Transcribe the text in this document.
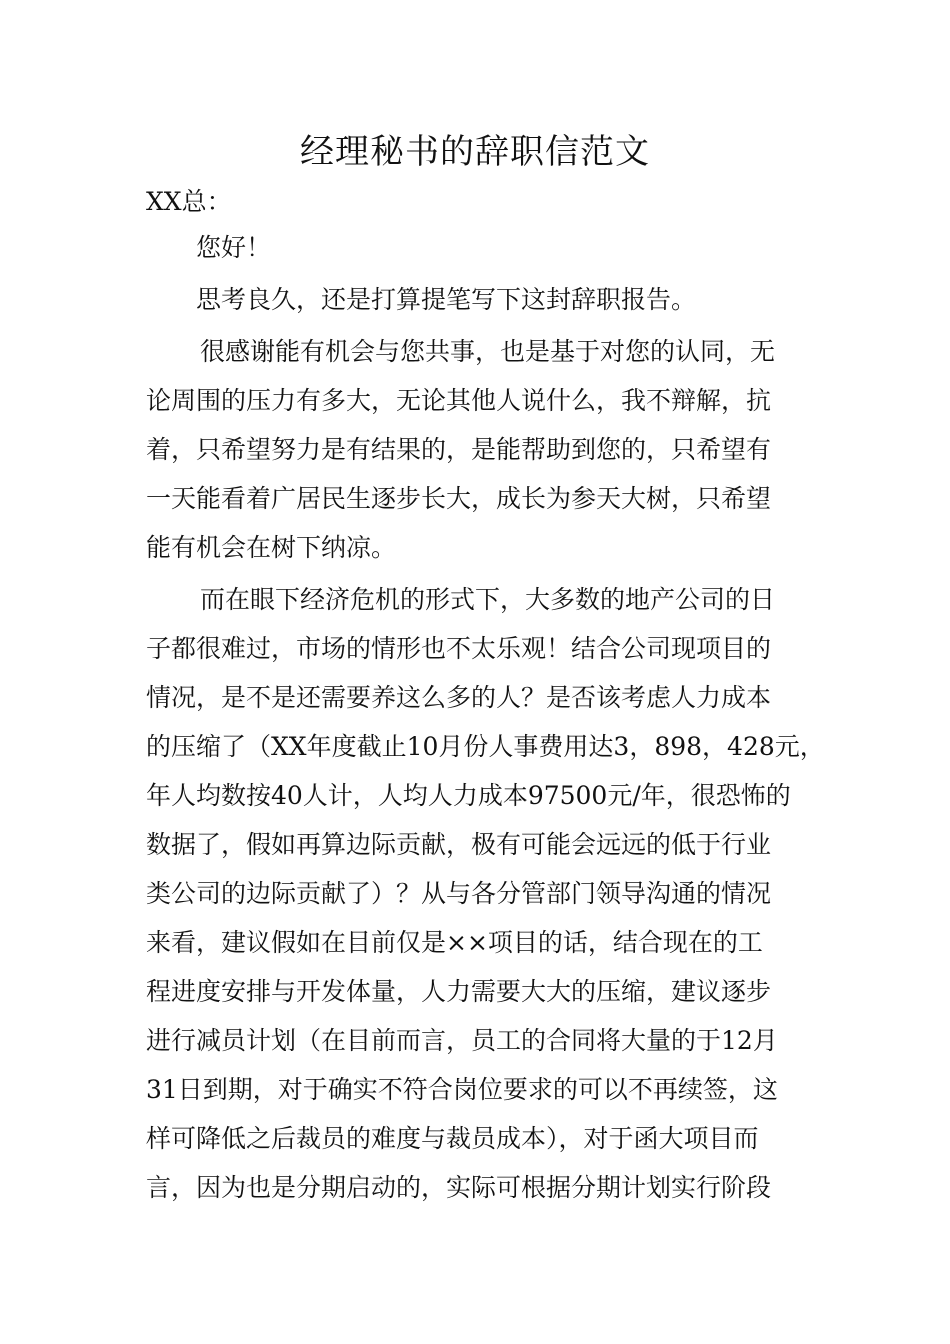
经理秘书的辞职信范文
XX总：
您好！
思考良久，还是打算提笔写下这封辞职报告。
很感谢能有机会与您共事，也是基于对您的认同，无
论周围的压力有多大，无论其他人说什么，我不辩解，抗
着，只希望努力是有结果的，是能帮助到您的，只希望有
一天能看着广居民生逐步长大，成长为参天大树，只希望
能有机会在树下纳凉。
而在眼下经济危机的形式下，大多数的地产公司的日
子都很难过，市场的情形也不太乐观！结合公司现项目的
情况，是不是还需要养这么多的人？是否该考虑人力成本
的压缩了（XX年度截止10月份人事费用达3，898，428元，
年人均数按40人计，人均人力成本97500元/年，很恐怖的
数据了，假如再算边际贡献，极有可能会远远的低于行业
类公司的边际贡献了）？从与各分管部门领导沟通的情况
来看，建议假如在目前仅是××项目的话，结合现在的工
程进度安排与开发体量，人力需要大大的压缩，建议逐步
进行减员计划（在目前而言，员工的合同将大量的于12月
31日到期，对于确实不符合岗位要求的可以不再续签，这
样可降低之后裁员的难度与裁员成本），对于函大项目而
言，因为也是分期启动的，实际可根据分期计划实行阶段
